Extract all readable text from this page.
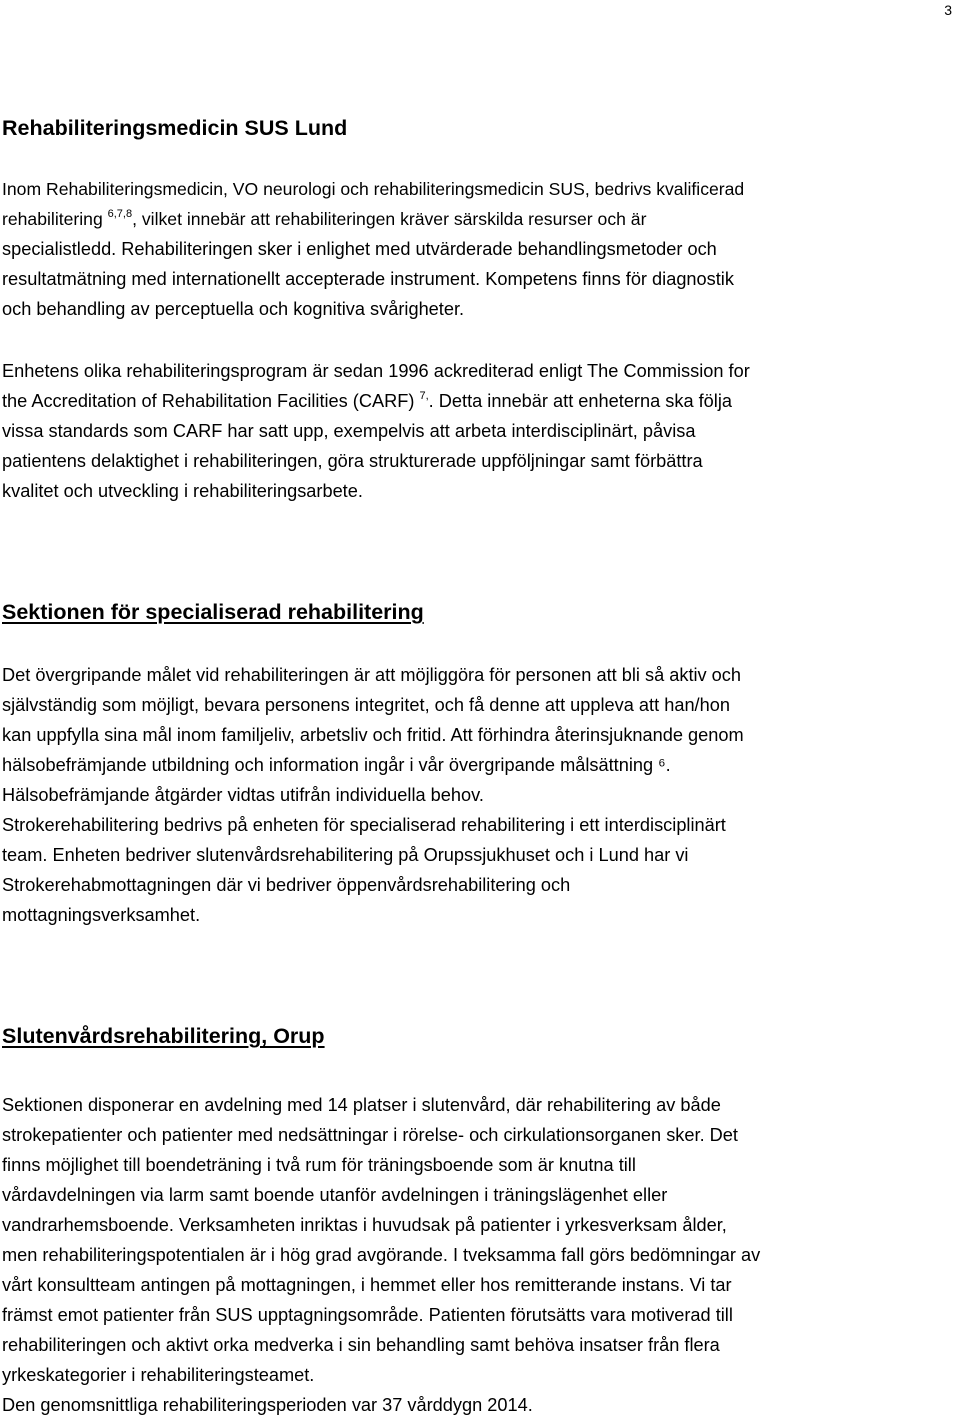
3
Rehabiliteringsmedicin SUS Lund
Inom Rehabiliteringsmedicin, VO neurologi och rehabiliteringsmedicin SUS, bedrivs kvalificerad
rehabilitering $^{6,7,8}$, vilket innebär att rehabiliteringen kräver särskilda resurser och är
specialistledd. Rehabiliteringen sker i enlighet med utvärderade behandlingsmetoder och
resultatmätning med internationellt accepterade instrument. Kompetens finns för diagnostik
och behandling av perceptuella och kognitiva svårigheter.
Enhetens olika rehabiliteringsprogram är sedan 1996 ackrediterad enligt The Commission for
the Accreditation of Rehabilitation Facilities (CARF) $^{7,}$. Detta innebär att enheterna ska följa
vissa standards som CARF har satt upp, exempelvis att arbeta interdisciplinärt, påvisa
patientens delaktighet i rehabiliteringen, göra strukturerade uppföljningar samt förbättra
kvalitet och utveckling i rehabiliteringsarbete.
Sektionen för specialiserad rehabilitering
Det övergripande målet vid rehabiliteringen är att möjliggöra för personen att bli så aktiv och
självständig som möjligt, bevara personens integritet, och få denne att uppleva att han/hon
kan uppfylla sina mål inom familjeliv, arbetsliv och fritid. Att förhindra återinsjuknande genom
hälsobefrämjande utbildning och information ingår i vår övergripande målsättning ⁶.
Hälsobefrämjande åtgärder vidtas utifrån individuella behov.
Strokerehabilitering bedrivs på enheten för specialiserad rehabilitering i ett interdisciplinärt
team. Enheten bedriver slutenvårdsrehabilitering på Orupssjukhuset och i Lund har vi
Strokerehabmottagningen där vi bedriver öppenvårdsrehabilitering och
mottagningsverksamhet.
Slutenvårdsrehabilitering, Orup
Sektionen disponerar en avdelning med 14 platser i slutenvård, där rehabilitering av både
strokepatienter och patienter med nedsättningar i rörelse- och cirkulationsorganen sker. Det
finns möjlighet till boendeträning i två rum för träningsboende som är knutna till
vårdavdelningen via larm samt boende utanför avdelningen i träningslägenhet eller
vandrarhemsboende. Verksamheten inriktas i huvudsak på patienter i yrkesverksam ålder,
men rehabiliteringspotentialen är i hög grad avgörande. I tveksamma fall görs bedömningar av
vårt konsultteam antingen på mottagningen, i hemmet eller hos remitterande instans. Vi tar
främst emot patienter från SUS upptagningsområde. Patienten förutsätts vara motiverad till
rehabiliteringen och aktivt orka medverka i sin behandling samt behöva insatser från flera
yrkeskategorier i rehabiliteringsteamet.
Den genomsnittliga rehabiliteringsperioden var 37 vårddygn 2014.
